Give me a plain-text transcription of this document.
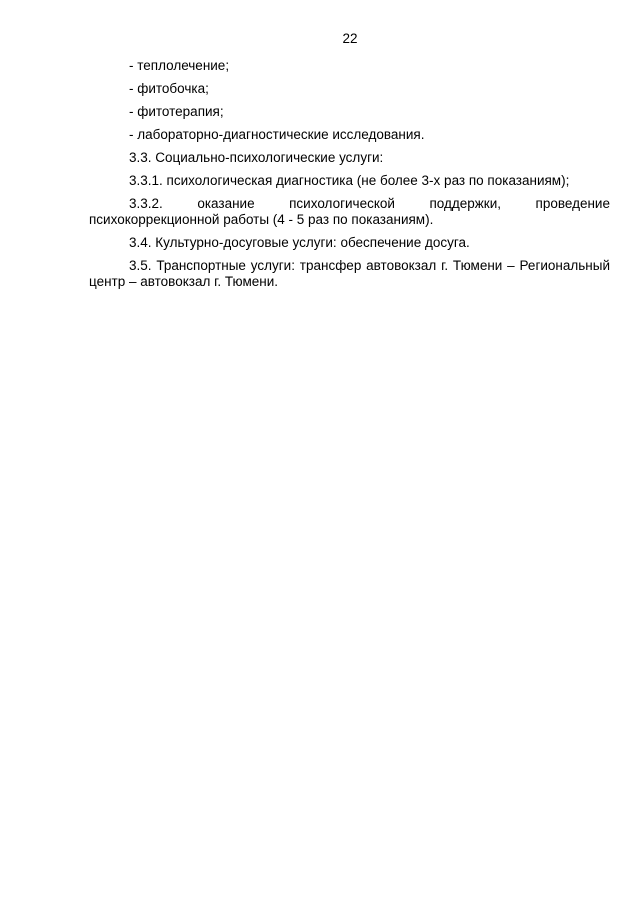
22

- теплолечение;

- фитобочка;

- фитотерапия;

- лабораторно-диагностические исследования.

3.3. Социально-психологические услуги:

3.3.1. психологическая диагностика (не более 3-х раз по показаниям);

3.3.2. оказание психологической поддержки, проведение психокоррекционной работы (4 - 5 раз по показаниям).

3.4. Культурно-досуговые услуги: обеспечение досуга.

3.5. Транспортные услуги: трансфер автовокзал г. Тюмени – Региональный центр – автовокзал г. Тюмени.
